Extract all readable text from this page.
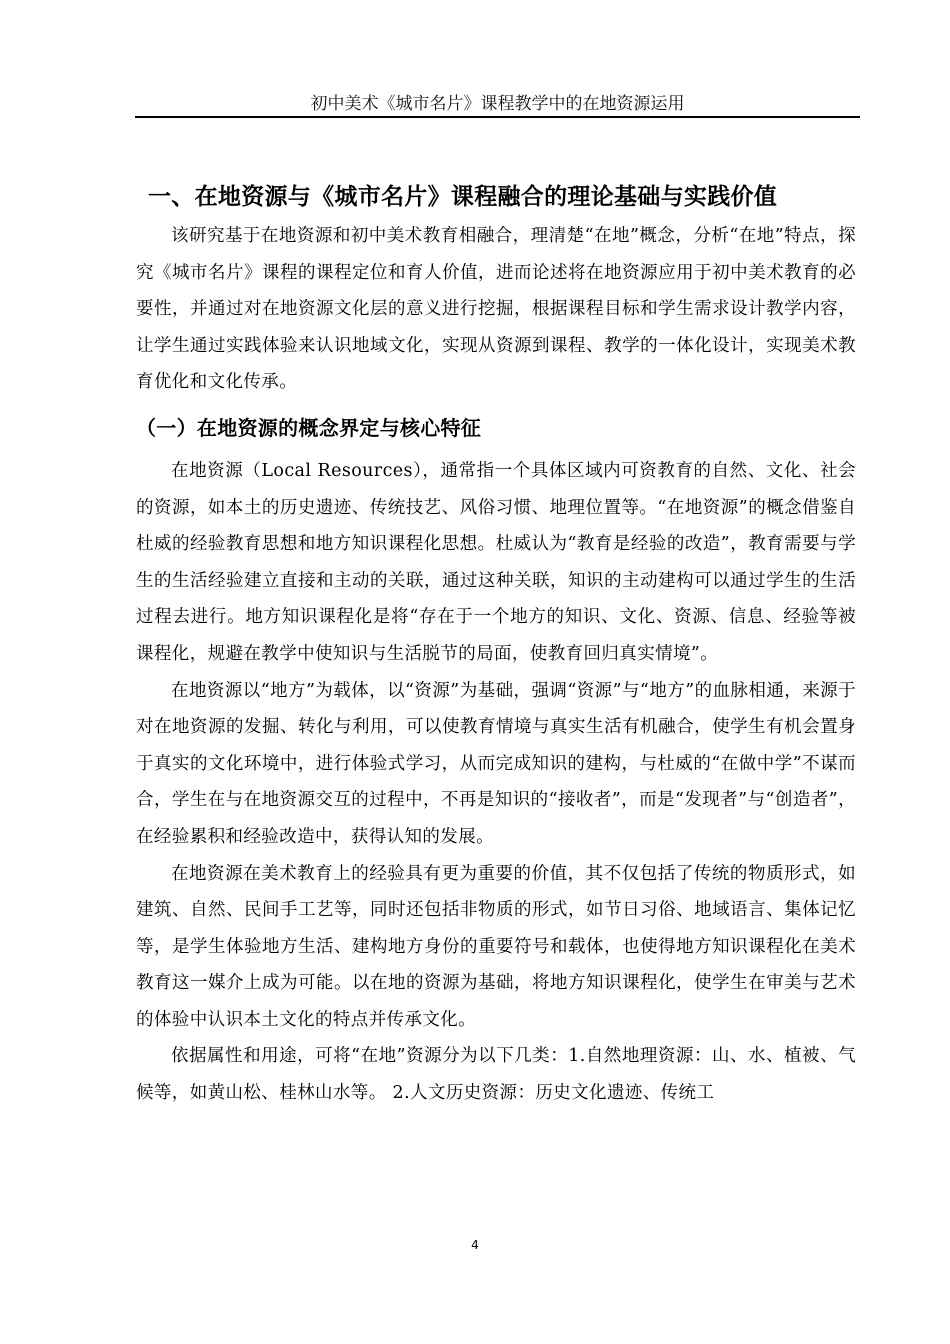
初中美术《城市名片》课程教学中的在地资源运用
一、在地资源与《城市名片》课程融合的理论基础与实践价值

该研究基于在地资源和初中美术教育相融合，理清楚“在地”概念，分析“在地”特点，探究《城市名片》课程的课程定位和育人价值，进而论述将在地资源应用于初中美术教育的必要性，并通过对在地资源文化层的意义进行挖掘，根据课程目标和学生需求设计教学内容，让学生通过实践体验来认识地域文化，实现从资源到课程、教学的一体化设计，实现美术教育优化和文化传承。

（一）在地资源的概念界定与核心特征

在地资源（Local Resources），通常指一个具体区域内可资教育的自然、文化、社会的资源，如本土的历史遗迹、传统技艺、风俗习惯、地理位置等。“在地资源”的概念借鉴自杜威的经验教育思想和地方知识课程化思想。杜威认为“教育是经验的改造”，教育需要与学生的生活经验建立直接和主动的关联，通过这种关联，知识的主动建构可以通过学生的生活过程去进行。地方知识课程化是将“存在于一个地方的知识、文化、资源、信息、经验等被课程化，规避在教学中使知识与生活脱节的局面，使教育回归真实情境”。

在地资源以“地方”为载体，以“资源”为基础，强调“资源”与“地方”的血脉相通，来源于对在地资源的发掘、转化与利用，可以使教育情境与真实生活有机融合，使学生有机会置身于真实的文化环境中，进行体验式学习，从而完成知识的建构，与杜威的“在做中学”不谋而合，学生在与在地资源交互的过程中，不再是知识的“接收者”，而是“发现者”与“创造者”，在经验累积和经验改造中，获得认知的发展。

在地资源在美术教育上的经验具有更为重要的价值，其不仅包括了传统的物质形式，如建筑、自然、民间手工艺等，同时还包括非物质的形式，如节日习俗、地域语言、集体记忆等，是学生体验地方生活、建构地方身份的重要符号和载体，也使得地方知识课程化在美术教育这一媒介上成为可能。以在地的资源为基础，将地方知识课程化，使学生在审美与艺术的体验中认识本土文化的特点并传承文化。

依据属性和用途，可将“在地”资源分为以下几类：1.自然地理资源：山、水、植被、气候等，如黄山松、桂林山水等。 2.人文历史资源：历史文化遗迹、传统工

4
